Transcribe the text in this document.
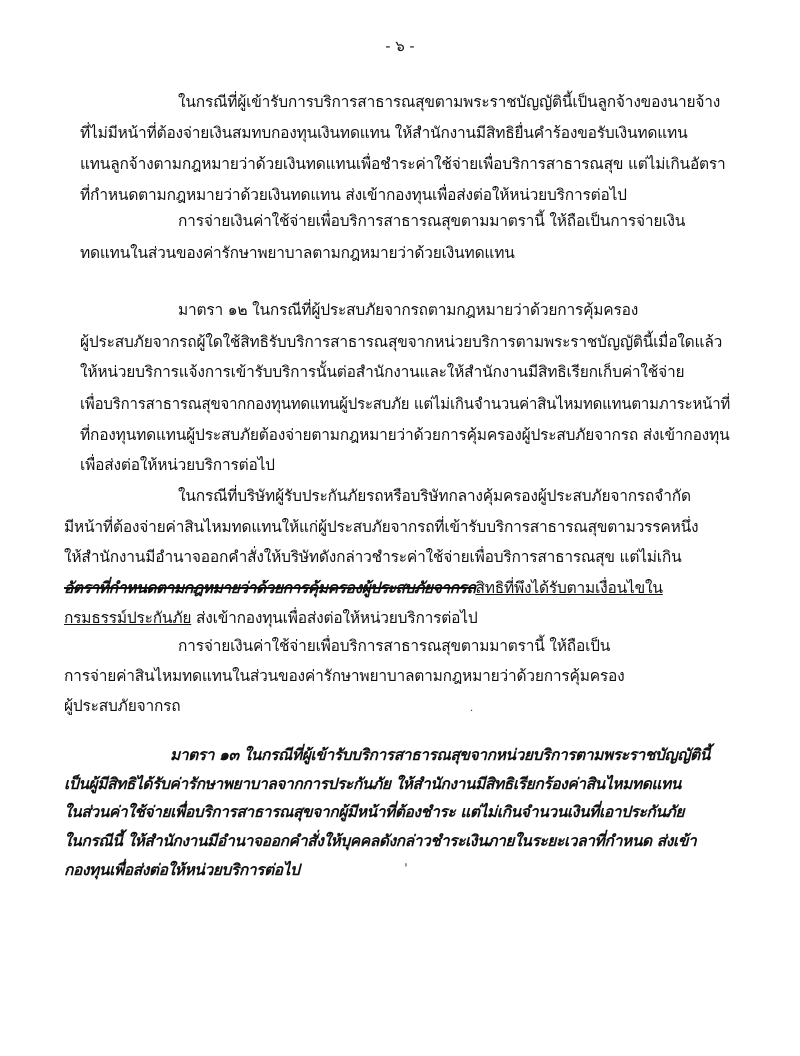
- ๖ -
ในกรณีที่ผู้เข้ารับการบริการสาธารณสุขตามพระราชบัญญัตินี้เป็นลูกจ้างของนายจ้าง
ที่ไม่มีหน้าที่ต้องจ่ายเงินสมทบกองทุนเงินทดแทน ให้สำนักงานมีสิทธิยื่นคำร้องขอรับเงินทดแทน
แทนลูกจ้างตามกฎหมายว่าด้วยเงินทดแทนเพื่อชำระค่าใช้จ่ายเพื่อบริการสาธารณสุข แต่ไม่เกินอัตรา
ที่กำหนดตามกฎหมายว่าด้วยเงินทดแทน ส่งเข้ากองทุนเพื่อส่งต่อให้หน่วยบริการต่อไป
การจ่ายเงินค่าใช้จ่ายเพื่อบริการสาธารณสุขตามมาตรานี้ ให้ถือเป็นการจ่ายเงิน
ทดแทนในส่วนของค่ารักษาพยาบาลตามกฎหมายว่าด้วยเงินทดแทน
มาตรา ๑๒ ในกรณีที่ผู้ประสบภัยจากรถตามกฎหมายว่าด้วยการคุ้มครอง
ผู้ประสบภัยจากรถผู้ใดใช้สิทธิรับบริการสาธารณสุขจากหน่วยบริการตามพระราชบัญญัตินี้เมื่อใดแล้ว
ให้หน่วยบริการแจ้งการเข้ารับบริการนั้นต่อสำนักงานและให้สำนักงานมีสิทธิเรียกเก็บค่าใช้จ่าย
เพื่อบริการสาธารณสุขจากกองทุนทดแทนผู้ประสบภัย แต่ไม่เกินจำนวนค่าสินไหมทดแทนตามภาระหน้าที่
ที่กองทุนทดแทนผู้ประสบภัยต้องจ่ายตามกฎหมายว่าด้วยการคุ้มครองผู้ประสบภัยจากรถ ส่งเข้ากองทุน
เพื่อส่งต่อให้หน่วยบริการต่อไป
ในกรณีที่บริษัทผู้รับประกันภัยรถหรือบริษัทกลางคุ้มครองผู้ประสบภัยจากรถจำกัด
มีหน้าที่ต้องจ่ายค่าสินไหมทดแทนให้แก่ผู้ประสบภัยจากรถที่เข้ารับบริการสาธารณสุขตามวรรคหนึ่ง
ให้สำนักงานมีอำนาจออกคำสั่งให้บริษัทดังกล่าวชำระค่าใช้จ่ายเพื่อบริการสาธารณสุข แต่ไม่เกิน
อัตราที่กำหนดตามกฎหมายว่าด้วยการคุ้มครองผู้ประสบภัยจากรถสิทธิที่พึงได้รับตามเงื่อนไขใน
กรมธรรม์ประกันภัย ส่งเข้ากองทุนเพื่อส่งต่อให้หน่วยบริการต่อไป
การจ่ายเงินค่าใช้จ่ายเพื่อบริการสาธารณสุขตามมาตรานี้ ให้ถือเป็น
การจ่ายค่าสินไหมทดแทนในส่วนของค่ารักษาพยาบาลตามกฎหมายว่าด้วยการคุ้มครอง
ผู้ประสบภัยจากรถ
มาตรา ๑๓ ในกรณีที่ผู้เข้ารับบริการสาธารณสุขจากหน่วยบริการตามพระราชบัญญัตินี้
เป็นผู้มีสิทธิได้รับค่ารักษาพยาบาลจากการประกันภัย ให้สำนักงานมีสิทธิเรียกร้องค่าสินไหมทดแทน
ในส่วนค่าใช้จ่ายเพื่อบริการสาธารณสุขจากผู้มีหน้าที่ต้องชำระ แต่ไม่เกินจำนวนเงินที่เอาประกันภัย
ในกรณีนี้ ให้สำนักงานมีอำนาจออกคำสั่งให้บุคคลดังกล่าวชำระเงินภายในระยะเวลาที่กำหนด ส่งเข้า
กองทุนเพื่อส่งต่อให้หน่วยบริการต่อไป	ˈ
·
